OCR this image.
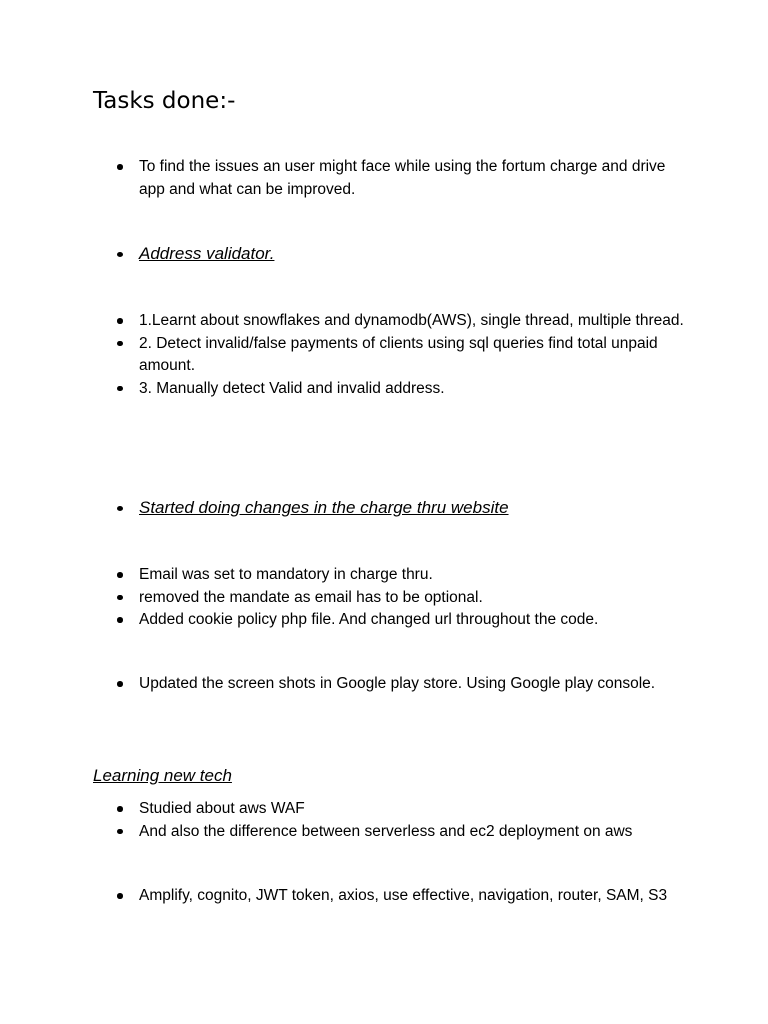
Tasks done:-
To find the issues an user might face while using the fortum charge and drive app and what can be improved.
Address validator.
1.Learnt about snowflakes and dynamodb(AWS), single thread, multiple thread.
2. Detect invalid/false payments of clients using sql queries find total unpaid amount.
3. Manually detect Valid and invalid address.
Started doing changes in the charge thru website
Email was set to mandatory in charge thru.
removed the mandate as email has to be optional.
Added cookie policy php file. And changed url throughout the code.
Updated the screen shots in Google play store. Using Google play console.
Learning new tech
Studied about aws WAF
And also the difference between serverless and ec2 deployment on aws
Amplify, cognito, JWT token, axios, use effective, navigation, router, SAM, S3
